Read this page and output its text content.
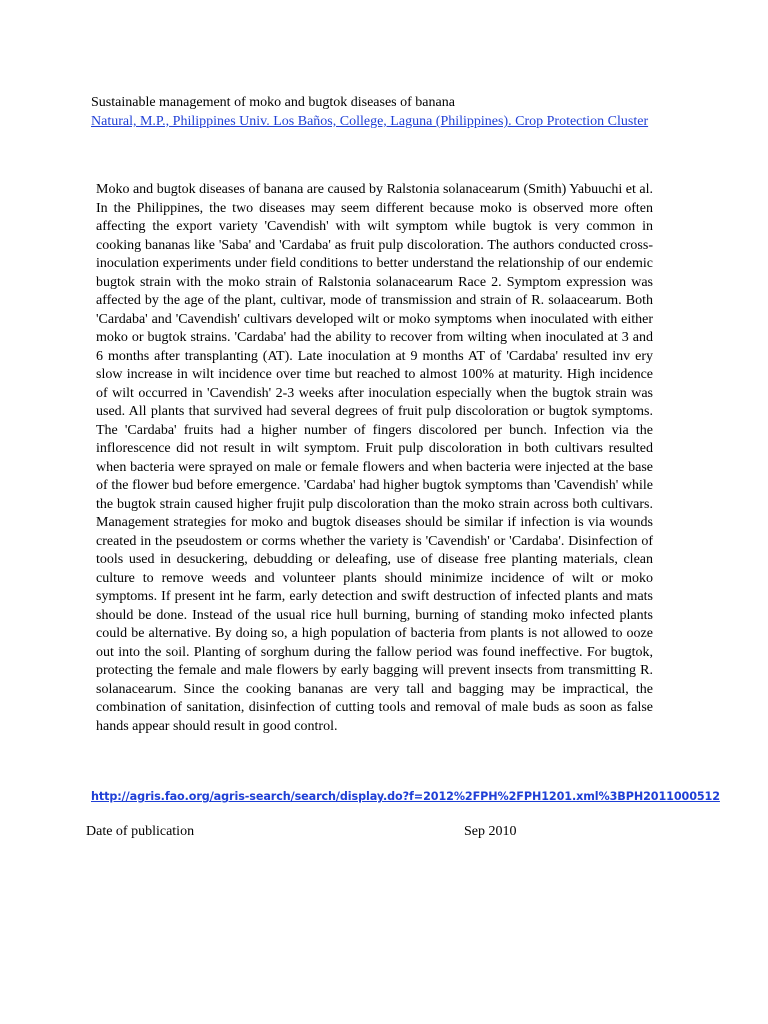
Sustainable management of moko and bugtok diseases of banana
Natural, M.P., Philippines Univ. Los Baños, College, Laguna (Philippines). Crop Protection Cluster

Moko and bugtok diseases of banana are caused by Ralstonia solanacearum (Smith) Yabuuchi et al. In the Philippines, the two diseases may seem different because moko is observed more often affecting the export variety 'Cavendish' with wilt symptom while bugtok is very common in cooking bananas like 'Saba' and 'Cardaba' as fruit pulp discoloration. The authors conducted cross-inoculation experiments under field conditions to better understand the relationship of our endemic bugtok strain with the moko strain of Ralstonia solanacearum Race 2. Symptom expression was affected by the age of the plant, cultivar, mode of transmission and strain of R. solaacearum. Both 'Cardaba' and 'Cavendish' cultivars developed wilt or moko symptoms when inoculated with either moko or bugtok strains. 'Cardaba' had the ability to recover from wilting when inoculated at 3 and 6 months after transplanting (AT). Late inoculation at 9 months AT of 'Cardaba' resulted inv ery slow increase in wilt incidence over time but reached to almost 100% at maturity. High incidence of wilt occurred in 'Cavendish' 2-3 weeks after inoculation especially when the bugtok strain was used. All plants that survived had several degrees of fruit pulp discoloration or bugtok symptoms. The 'Cardaba' fruits had a higher number of fingers discolored per bunch. Infection via the inflorescence did not result in wilt symptom. Fruit pulp discoloration in both cultivars resulted when bacteria were sprayed on male or female flowers and when bacteria were injected at the base of the flower bud before emergence. 'Cardaba' had higher bugtok symptoms than 'Cavendish' while the bugtok strain caused higher frujit pulp discoloration than the moko strain across both cultivars. Management strategies for moko and bugtok diseases should be similar if infection is via wounds created in the pseudostem or corms whether the variety is 'Cavendish' or 'Cardaba'. Disinfection of tools used in desuckering, debudding or deleafing, use of disease free planting materials, clean culture to remove weeds and volunteer plants should minimize incidence of wilt or moko symptoms. If present int he farm, early detection and swift destruction of infected plants and mats should be done. Instead of the usual rice hull burning, burning of standing moko infected plants could be alternative. By doing so, a high population of bacteria from plants is not allowed to ooze out into the soil. Planting of sorghum during the fallow period was found ineffective. For bugtok, protecting the female and male flowers by early bagging will prevent insects from transmitting R. solanacearum. Since the cooking bananas are very tall and bagging may be impractical, the combination of sanitation, disinfection of cutting tools and removal of male buds as soon as false hands appear should result in good control.

http://agris.fao.org/agris-search/search/display.do?f=2012%2FPH%2FPH1201.xml%3BPH2011000512
Date of publication	Sep 2010
